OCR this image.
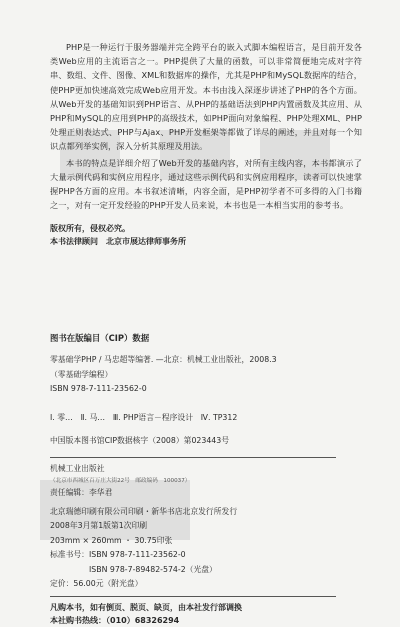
PHP是一种运行于服务器端并完全跨平台的嵌入式脚本编程语言，是目前开发各类Web应用的主流语言之一。PHP提供了大量的函数，可以非常简便地完成对字符串、数组、文件、图像、XML和数据库的操作，尤其是PHP和MySQL数据库的结合，使PHP更加快速高效完成Web应用开发。本书由浅入深逐步讲述了PHP的各个方面。从Web开发的基础知识到PHP语言、从PHP的基础语法到PHP内置函数及其应用、从PHP和MySQL的应用到PHP的高级技术，如PHP面向对象编程、PHP处理XML、PHP处理正则表达式、PHP与Ajax、PHP开发框架等都做了详尽的阐述，并且对每一个知识点都列举实例，深入分析其原理及用法。

本书的特点是详细介绍了Web开发的基础内容，对所有主线内容，本书都演示了大量示例代码和实例应用程序，通过这些示例代码和实例应用程序，读者可以快速掌握PHP各方面的应用。本书叙述清晰，内容全面，是PHP初学者不可多得的入门书籍之一，对有一定开发经验的PHP开发人员来说，本书也是一本相当实用的参考书。

版权所有，侵权必究。
本书法律顾问　北京市展达律师事务所
图书在版编目（CIP）数据
零基础学PHP / 马忠超等编著. —北京：机械工业出版社，2008.3
（零基础学编程）
ISBN 978-7-111-23562-0
Ⅰ. 零…　Ⅱ. 马…　Ⅲ. PHP语言－程序设计　Ⅳ. TP312
中国版本图书馆CIP数据核字（2008）第023443号
机械工业出版社
（北京市西城区百万庄大街22号　邮政编码　100037）
责任编辑：李华君
北京瑞德印刷有限公司印刷・新华书店北京发行所发行
2008年3月第1版第1次印刷
203mm × 260mm ・ 30.75印张
标准书号：ISBN 978-7-111-23562-0
ISBN 978-7-89482-574-2（光盘）
定价：56.00元（附光盘）
凡购本书，如有倒页、脱页、缺页，由本社发行部调换
本社购书热线：（010）68326294
